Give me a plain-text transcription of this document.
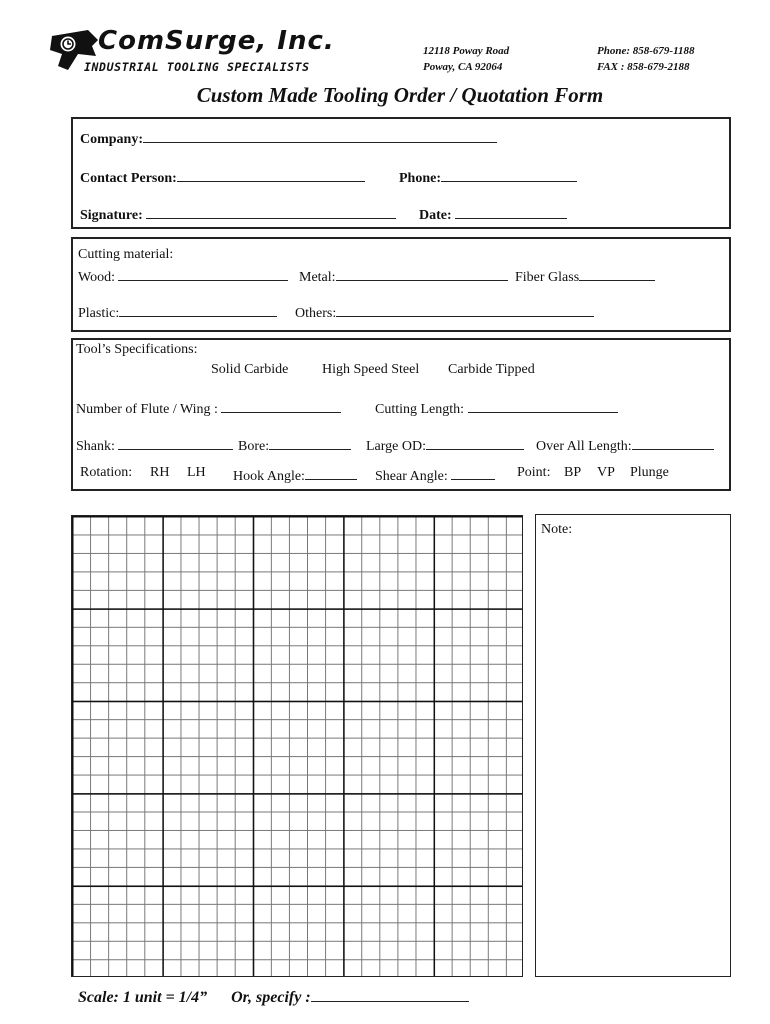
ComSurge, Inc.
INDUSTRIAL TOOLING SPECIALISTS
12118 Poway Road
Poway, CA 92064
Phone: 858-679-1188
FAX : 858-679-2188
Custom Made Tooling Order / Quotation Form
Company:
Contact Person:	Phone:
Signature:	Date:
Cutting material:
Wood:	Metal:	Fiber Glass
Plastic:	Others:
Tool’s Specifications:
Solid Carbide High Speed Steel Carbide Tipped
Number of Flute / Wing :	Cutting Length:
Shank:	Bore:	Large OD:	Over All Length:
Rotation: RH LH Hook Angle:	Shear Angle:	Point: BP VP Plunge
Note:
Scale: 1 unit = 1/4” Or, specify :
